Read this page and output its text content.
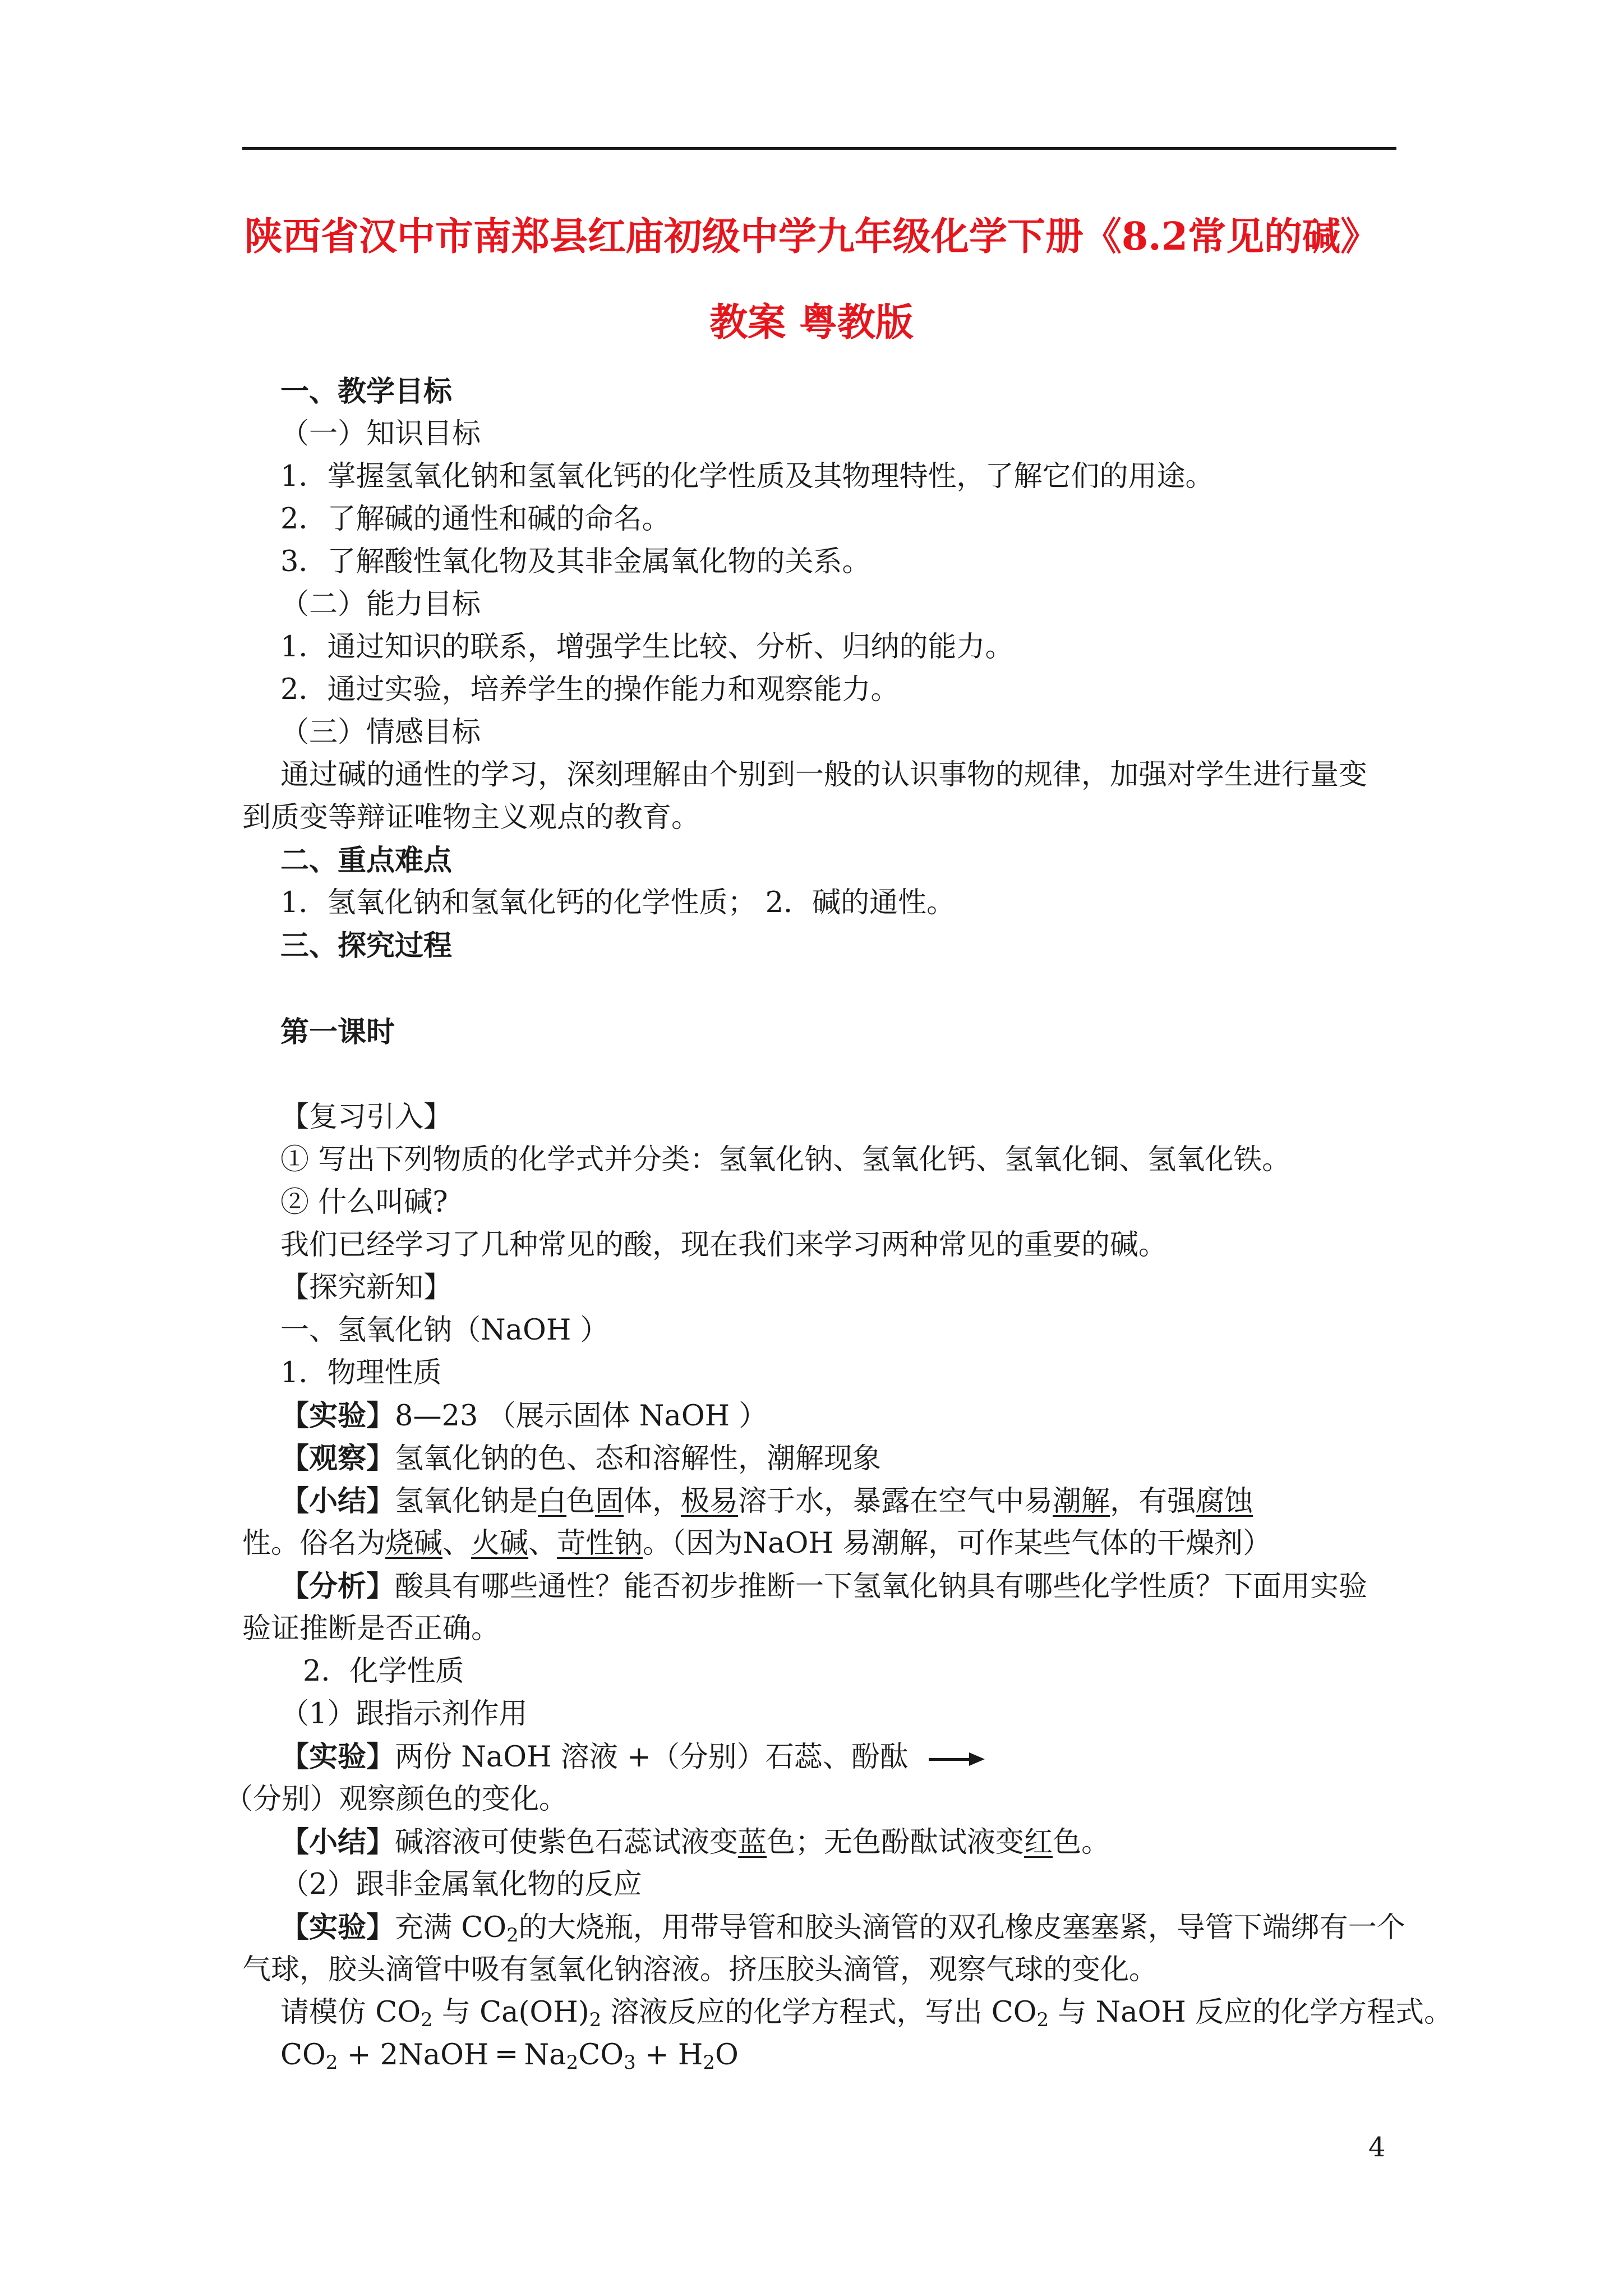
陕西省汉中市南郑县红庙初级中学九年级化学下册《8.2常见的碱》
教案 粤教版
一、教学目标
（一）知识目标
1．掌握氢氧化钠和氢氧化钙的化学性质及其物理特性，了解它们的用途。
2．了解碱的通性和碱的命名。
3．了解酸性氧化物及其非金属氧化物的关系。
（二）能力目标
1．通过知识的联系，增强学生比较、分析、归纳的能力。
2．通过实验，培养学生的操作能力和观察能力。
（三）情感目标
通过碱的通性的学习，深刻理解由个别到一般的认识事物的规律，加强对学生进行量变
到质变等辩证唯物主义观点的教育。
二、重点难点
1．氢氧化钠和氢氧化钙的化学性质； 2．碱的通性。
三、探究过程
第一课时
【复习引入】
① 写出下列物质的化学式并分类：氢氧化钠、氢氧化钙、氢氧化铜、氢氧化铁。
② 什么叫碱?
我们已经学习了几种常见的酸，现在我们来学习两种常见的重要的碱。
【探究新知】
一、氢氧化钠（NaOH ）
1．物理性质
【实验】8—23 （展示固体 NaOH ）
【观察】氢氧化钠的色、态和溶解性，潮解现象
【小结】氢氧化钠是白色固体，极易溶于水，暴露在空气中易潮解，有强腐蚀
性。俗名为烧碱、火碱、苛性钠。（因为NaOH 易潮解，可作某些气体的干燥剂）
【分析】酸具有哪些通性？能否初步推断一下氢氧化钠具有哪些化学性质？下面用实验
验证推断是否正确。
2．化学性质
（1）跟指示剂作用
【实验】两份 NaOH 溶液 +（分别）石蕊、酚酞
（分别）观察颜色的变化。
【小结】碱溶液可使紫色石蕊试液变蓝色；无色酚酞试液变红色。
（2）跟非金属氧化物的反应
【实验】充满 $CO_2$的大烧瓶，用带导管和胶头滴管的双孔橡皮塞塞紧，导管下端绑有一个
气球，胶头滴管中吸有氢氧化钠溶液。挤压胶头滴管，观察气球的变化。
请模仿 $CO_2$ 与 $Ca(OH)_2$ 溶液反应的化学方程式，写出 $CO_2$ 与 NaOH 反应的化学方程式。
$CO_2$ + 2NaOH ═ $Na_2CO_3 + H_2O$
4
